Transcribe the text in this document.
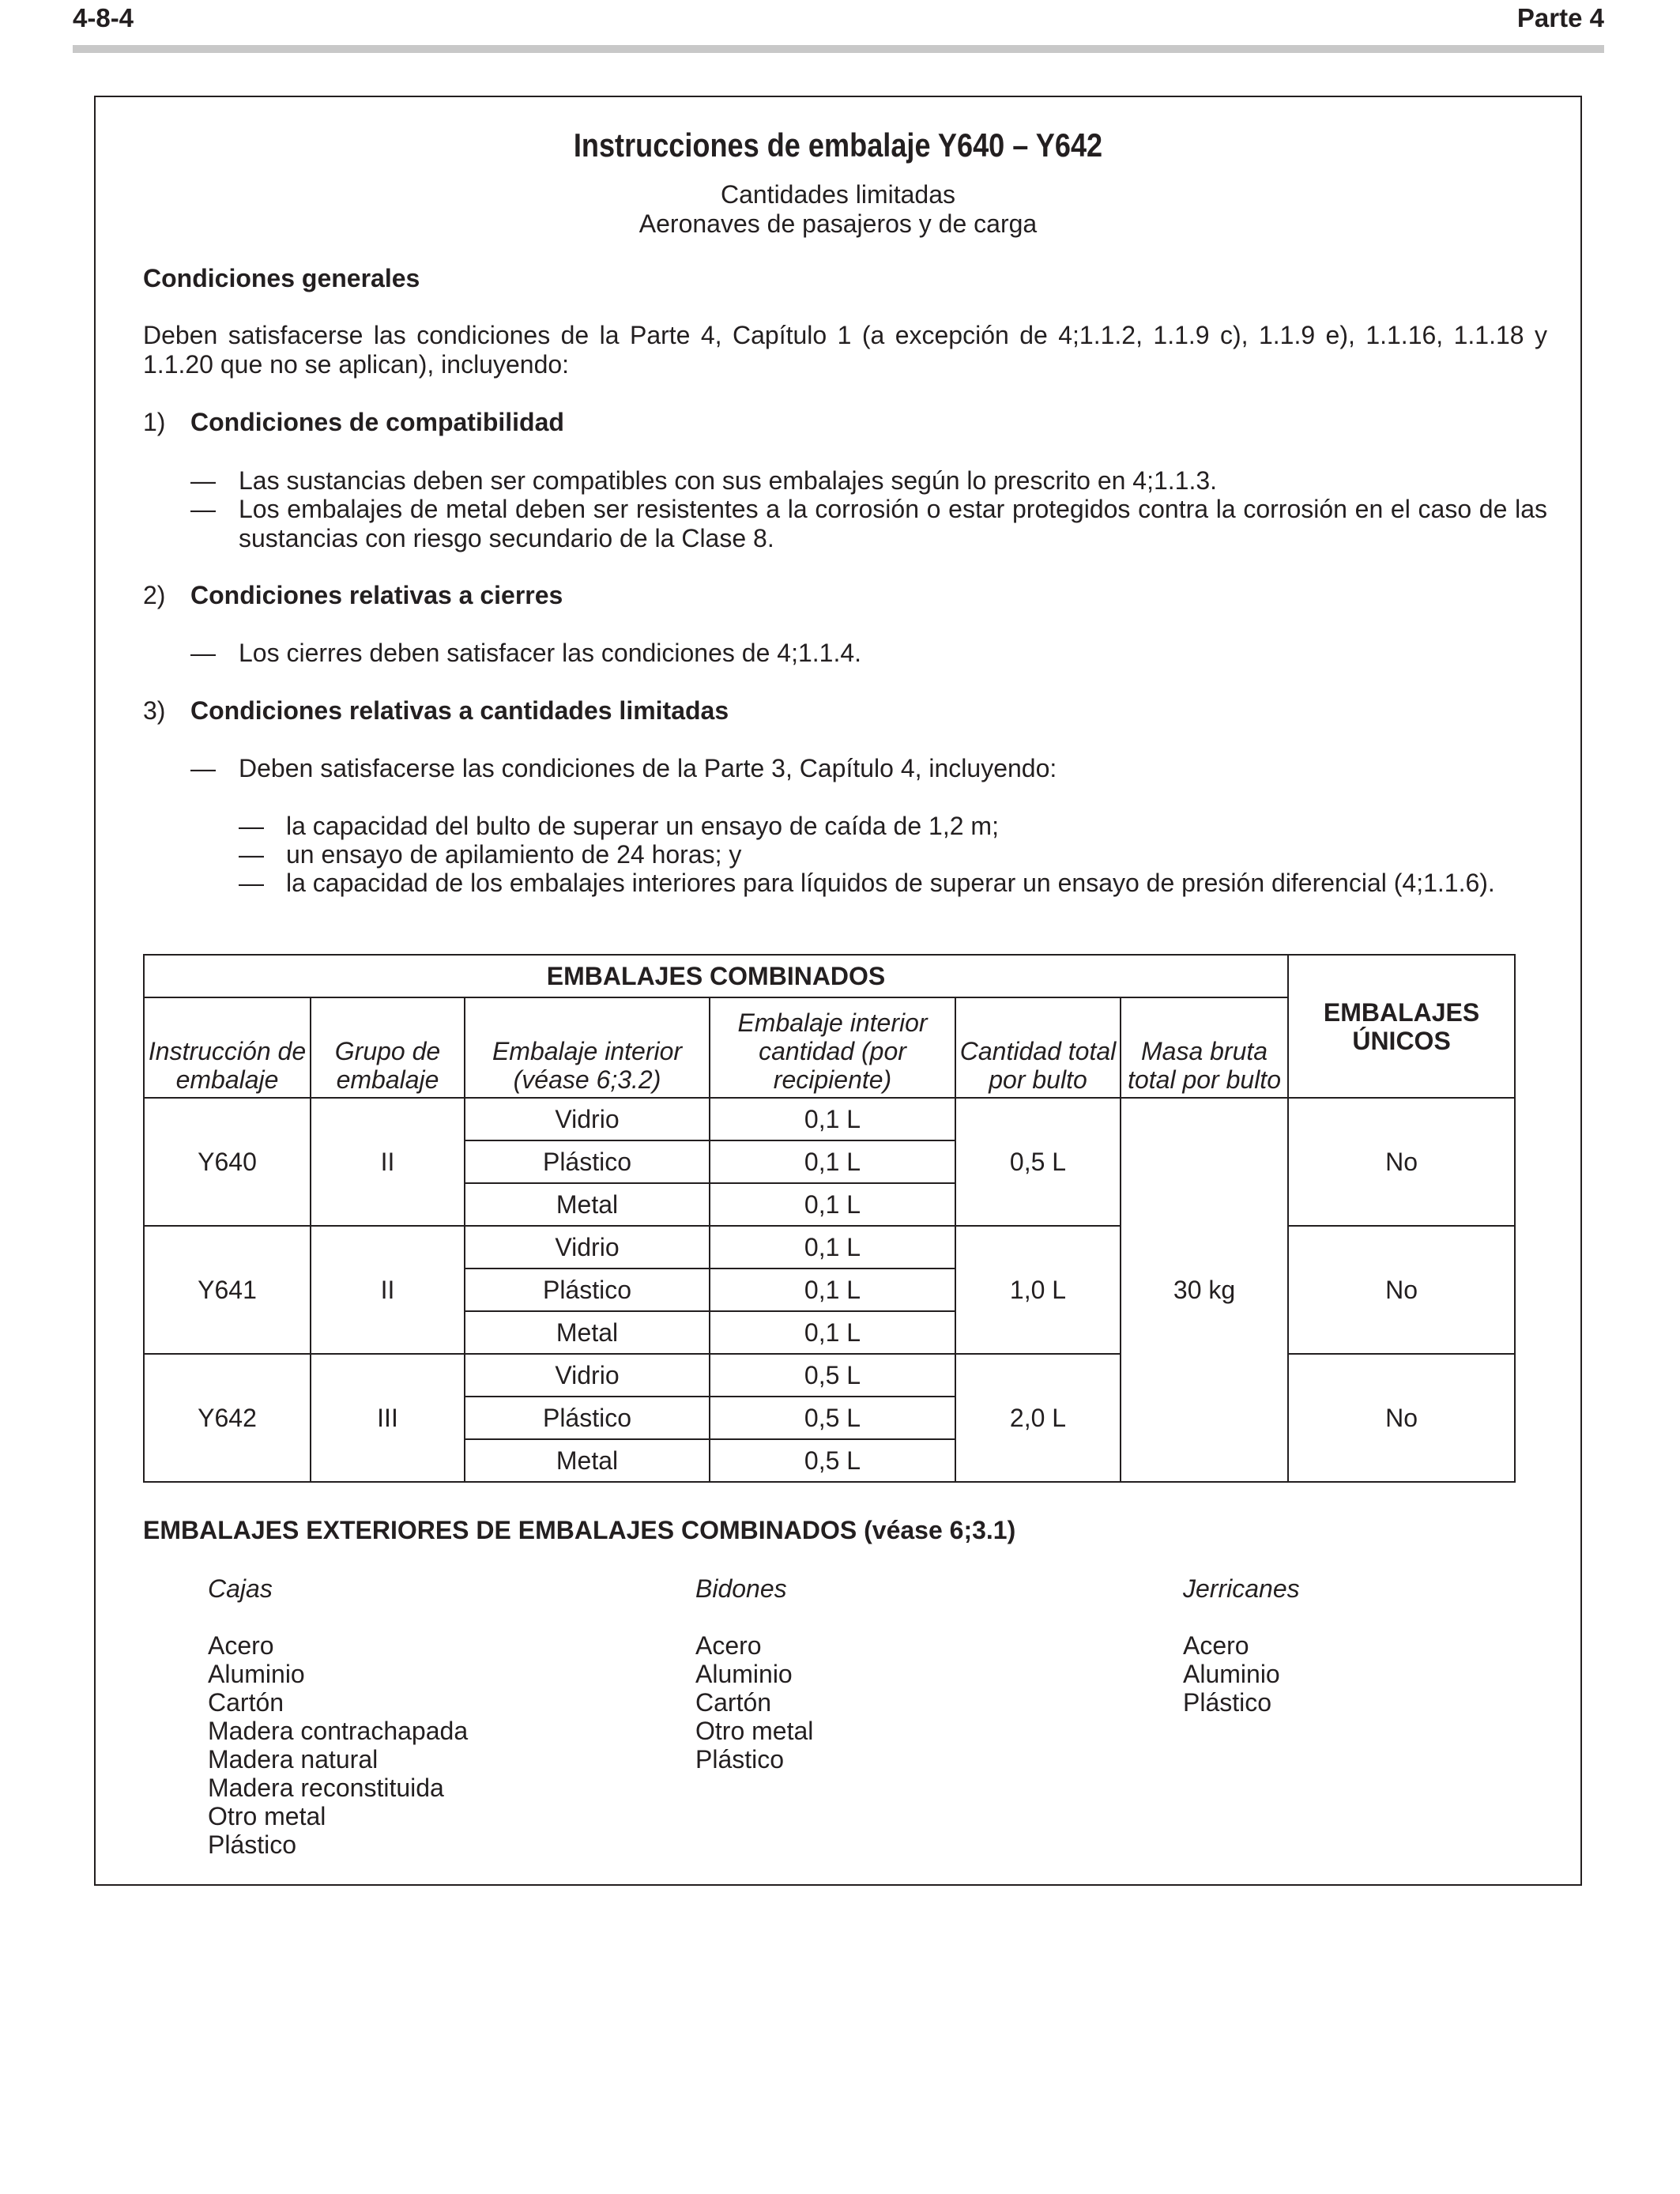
4-8-4	Parte 4
Instrucciones de embalaje Y640 – Y642
Cantidades limitadas
Aeronaves de pasajeros y de carga
Condiciones generales
Deben satisfacerse las condiciones de la Parte 4, Capítulo 1 (a excepción de 4;1.1.2, 1.1.9 c), 1.1.9 e), 1.1.16, 1.1.18 y 1.1.20 que no se aplican), incluyendo:
1) Condiciones de compatibilidad
— Las sustancias deben ser compatibles con sus embalajes según lo prescrito en 4;1.1.3.
— Los embalajes de metal deben ser resistentes a la corrosión o estar protegidos contra la corrosión en el caso de las sustancias con riesgo secundario de la Clase 8.
2) Condiciones relativas a cierres
— Los cierres deben satisfacer las condiciones de 4;1.1.4.
3) Condiciones relativas a cantidades limitadas
— Deben satisfacerse las condiciones de la Parte 3, Capítulo 4, incluyendo:
— la capacidad del bulto de superar un ensayo de caída de 1,2 m;
— un ensayo de apilamiento de 24 horas; y
— la capacidad de los embalajes interiores para líquidos de superar un ensayo de presión diferencial (4;1.1.6).
EMBALAJES COMBINADOS						EMBALAJES ÚNICOS
Instrucción de embalaje	Grupo de embalaje	Embalaje interior (véase 6;3.2)	Embalaje interior cantidad (por recipiente)	Cantidad total por bulto	Masa bruta total por bulto	
Y640	II	Vidrio	0,1 L	0,5 L	30 kg	No
		Plástico	0,1 L			
		Metal	0,1 L			
Y641	II	Vidrio	0,1 L	1,0 L		No
		Plástico	0,1 L			
		Metal	0,1 L			
Y642	III	Vidrio	0,5 L	2,0 L		No
		Plástico	0,5 L			
		Metal	0,5 L			
EMBALAJES EXTERIORES DE EMBALAJES COMBINADOS (véase 6;3.1)
Cajas
Acero
Aluminio
Cartón
Madera contrachapada
Madera natural
Madera reconstituida
Otro metal
Plástico
Bidones
Acero
Aluminio
Cartón
Otro metal
Plástico
Jerricanes
Acero
Aluminio
Plástico
